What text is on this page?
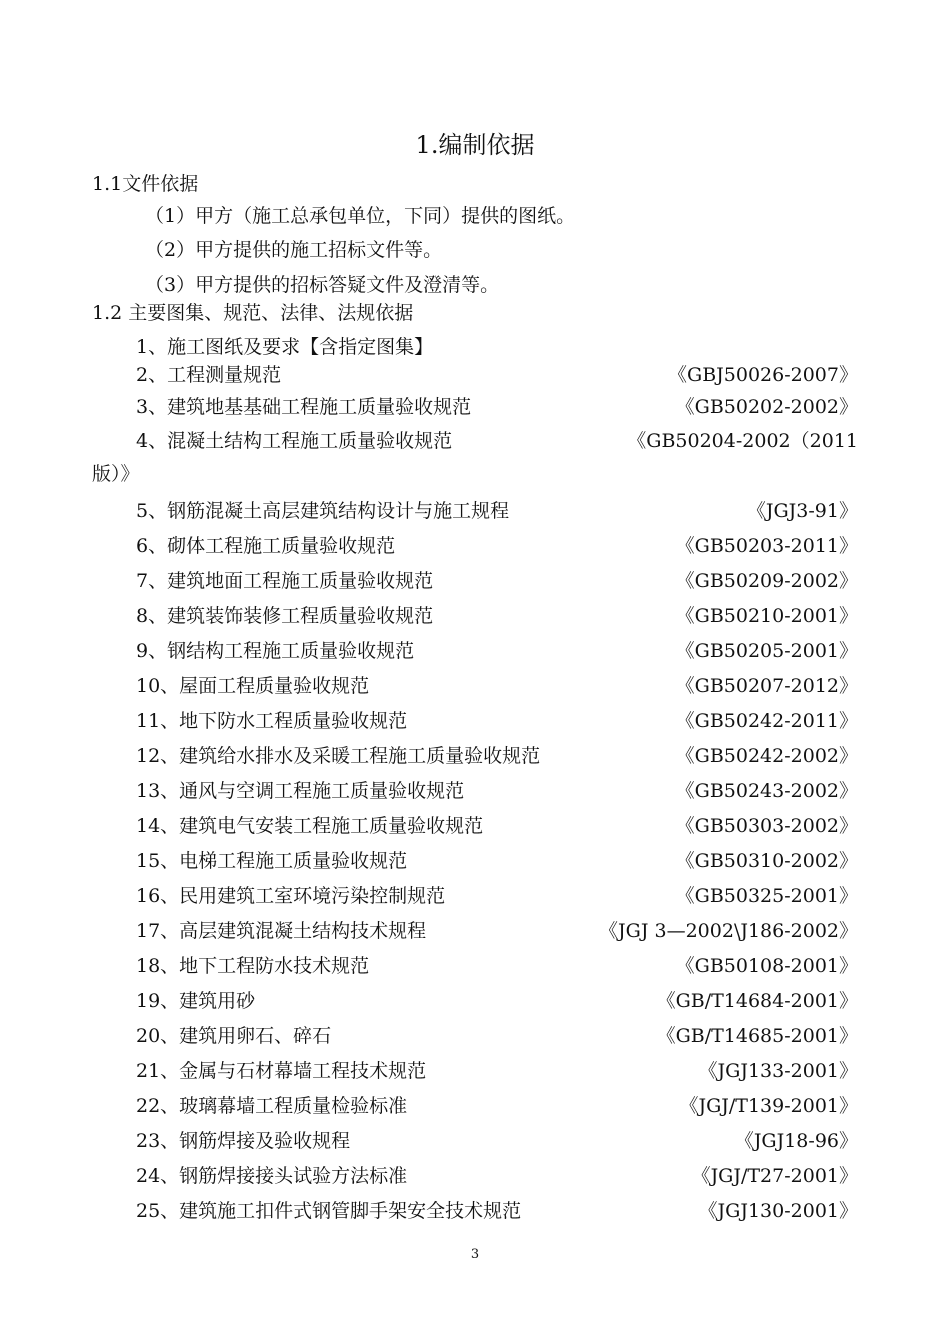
1.编制依据
1.1文件依据
（1）甲方（施工总承包单位，下同）提供的图纸。
（2）甲方提供的施工招标文件等。
（3）甲方提供的招标答疑文件及澄清等。
1.2 主要图集、规范、法律、法规依据
1、施工图纸及要求【含指定图集】
2、工程测量规范	《GBJ50026-2007》
3、建筑地基基础工程施工质量验收规范	《GB50202-2002》
4、混凝土结构工程施工质量验收规范	《GB50204-2002（2011
版）》
5、钢筋混凝土高层建筑结构设计与施工规程	《JGJ3-91》
6、砌体工程施工质量验收规范	《GB50203-2011》
7、建筑地面工程施工质量验收规范	《GB50209-2002》
8、建筑装饰装修工程质量验收规范	《GB50210-2001》
9、钢结构工程施工质量验收规范	《GB50205-2001》
10、屋面工程质量验收规范	《GB50207-2012》
11、地下防水工程质量验收规范	《GB50242-2011》
12、建筑给水排水及采暖工程施工质量验收规范	《GB50242-2002》
13、通风与空调工程施工质量验收规范	《GB50243-2002》
14、建筑电气安装工程施工质量验收规范	《GB50303-2002》
15、电梯工程施工质量验收规范	《GB50310-2002》
16、民用建筑工室环境污染控制规范	《GB50325-2001》
17、高层建筑混凝土结构技术规程	《JGJ 3—2002\J186-2002》
18、地下工程防水技术规范	《GB50108-2001》
19、建筑用砂	《GB/T14684-2001》
20、建筑用卵石、碎石	《GB/T14685-2001》
21、金属与石材幕墙工程技术规范	《JGJ133-2001》
22、玻璃幕墙工程质量检验标准	《JGJ/T139-2001》
23、钢筋焊接及验收规程	《JGJ18-96》
24、钢筋焊接接头试验方法标准	《JGJ/T27-2001》
25、建筑施工扣件式钢管脚手架安全技术规范	《JGJ130-2001》
3
